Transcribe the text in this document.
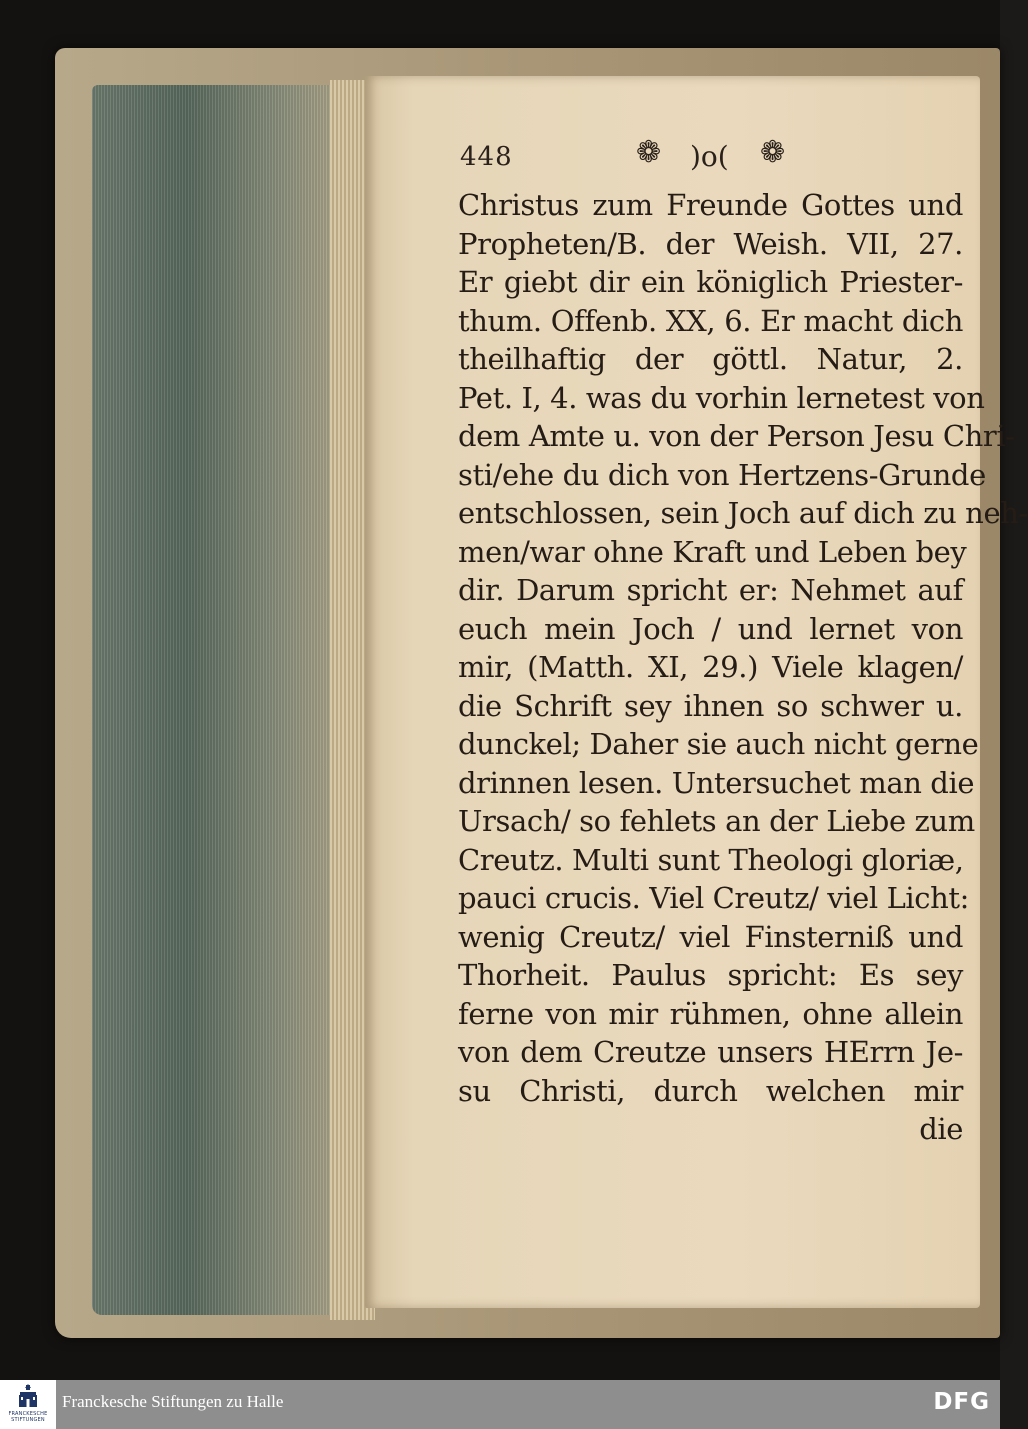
448	❁ )o( ❁
Christus zum Freunde Gottes und
Propheten/B. der Weish. VII, 27.
Er giebt dir ein königlich Priester-
thum. Offenb. XX, 6. Er macht dich
theilhaftig der göttl. Natur, 2.
Pet. I, 4. was du vorhin lernetest von
dem Amte u. von der Person Jesu Chri-
sti/ehe du dich von Hertzens-Grunde
entschlossen, sein Joch auf dich zu neh-
men/war ohne Kraft und Leben bey
dir. Darum spricht er: Nehmet auf
euch mein Joch / und lernet von
mir, (Matth. XI, 29.) Viele klagen/
die Schrift sey ihnen so schwer u.
dunckel; Daher sie auch nicht gerne
drinnen lesen. Untersuchet man die
Ursach/ so fehlets an der Liebe zum
Creutz. Multi sunt Theologi gloriæ,
pauci crucis. Viel Creutz/ viel Licht:
wenig Creutz/ viel Finsterniß und
Thorheit. Paulus spricht: Es sey
ferne von mir rühmen, ohne allein
von dem Creutze unsers HErrn Je-
su Christi, durch welchen mir
die
FRANCKESCHE STIFTUNGEN
Franckesche Stiftungen zu Halle	DFG
